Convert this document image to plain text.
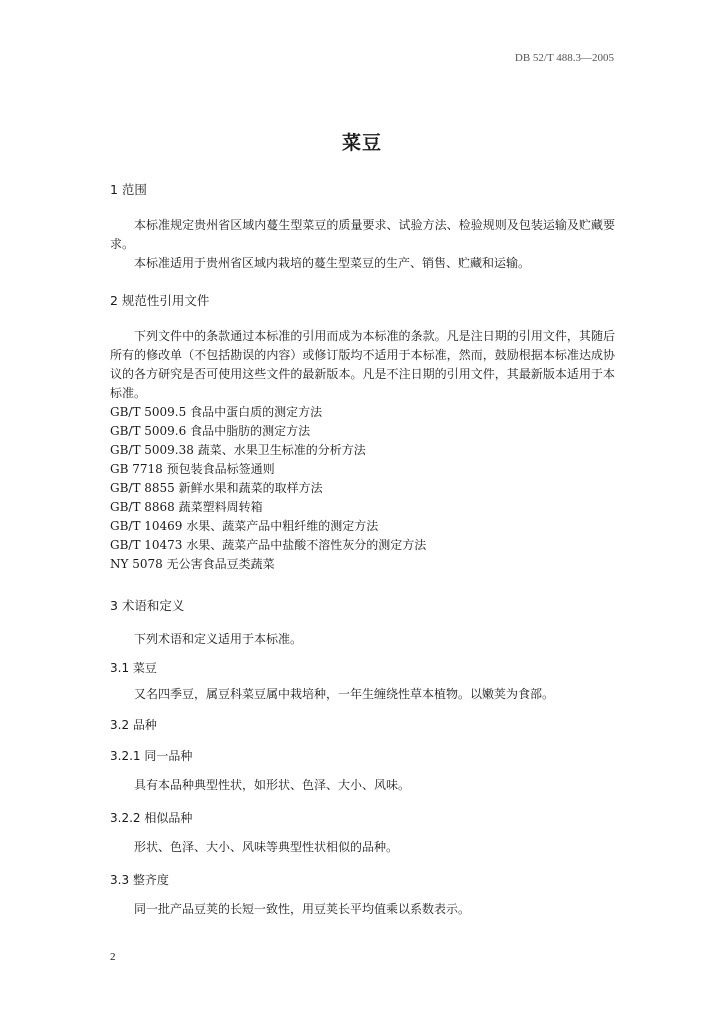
DB 52/T 488.3—2005
菜豆

1 范围

本标准规定贵州省区域内蔓生型菜豆的质量要求、试验方法、检验规则及包装运输及贮藏要求。

本标准适用于贵州省区域内栽培的蔓生型菜豆的生产、销售、贮藏和运输。

2 规范性引用文件

下列文件中的条款通过本标准的引用而成为本标准的条款。凡是注日期的引用文件，其随后所有的修改单（不包括勘误的内容）或修订版均不适用于本标准，然而，鼓励根据本标准达成协议的各方研究是否可使用这些文件的最新版本。凡是不注日期的引用文件，其最新版本适用于本标准。

GB/T 5009.5 食品中蛋白质的测定方法

GB/T 5009.6 食品中脂肪的测定方法

GB/T 5009.38 蔬菜、水果卫生标准的分析方法

GB 7718 预包装食品标签通则

GB/T 8855 新鲜水果和蔬菜的取样方法

GB/T 8868 蔬菜塑料周转箱

GB/T 10469 水果、蔬菜产品中粗纤维的测定方法

GB/T 10473 水果、蔬菜产品中盐酸不溶性灰分的测定方法

NY 5078 无公害食品豆类蔬菜

3 术语和定义

下列术语和定义适用于本标准。

3.1 菜豆

又名四季豆，属豆科菜豆属中栽培种，一年生缠绕性草本植物。以嫩荚为食部。

3.2 品种

3.2.1 同一品种

具有本品种典型性状，如形状、色泽、大小、风味。

3.2.2 相似品种

形状、色泽、大小、风味等典型性状相似的品种。

3.3 整齐度

同一批产品豆荚的长短一致性，用豆荚长平均值乘以系数表示。

2
